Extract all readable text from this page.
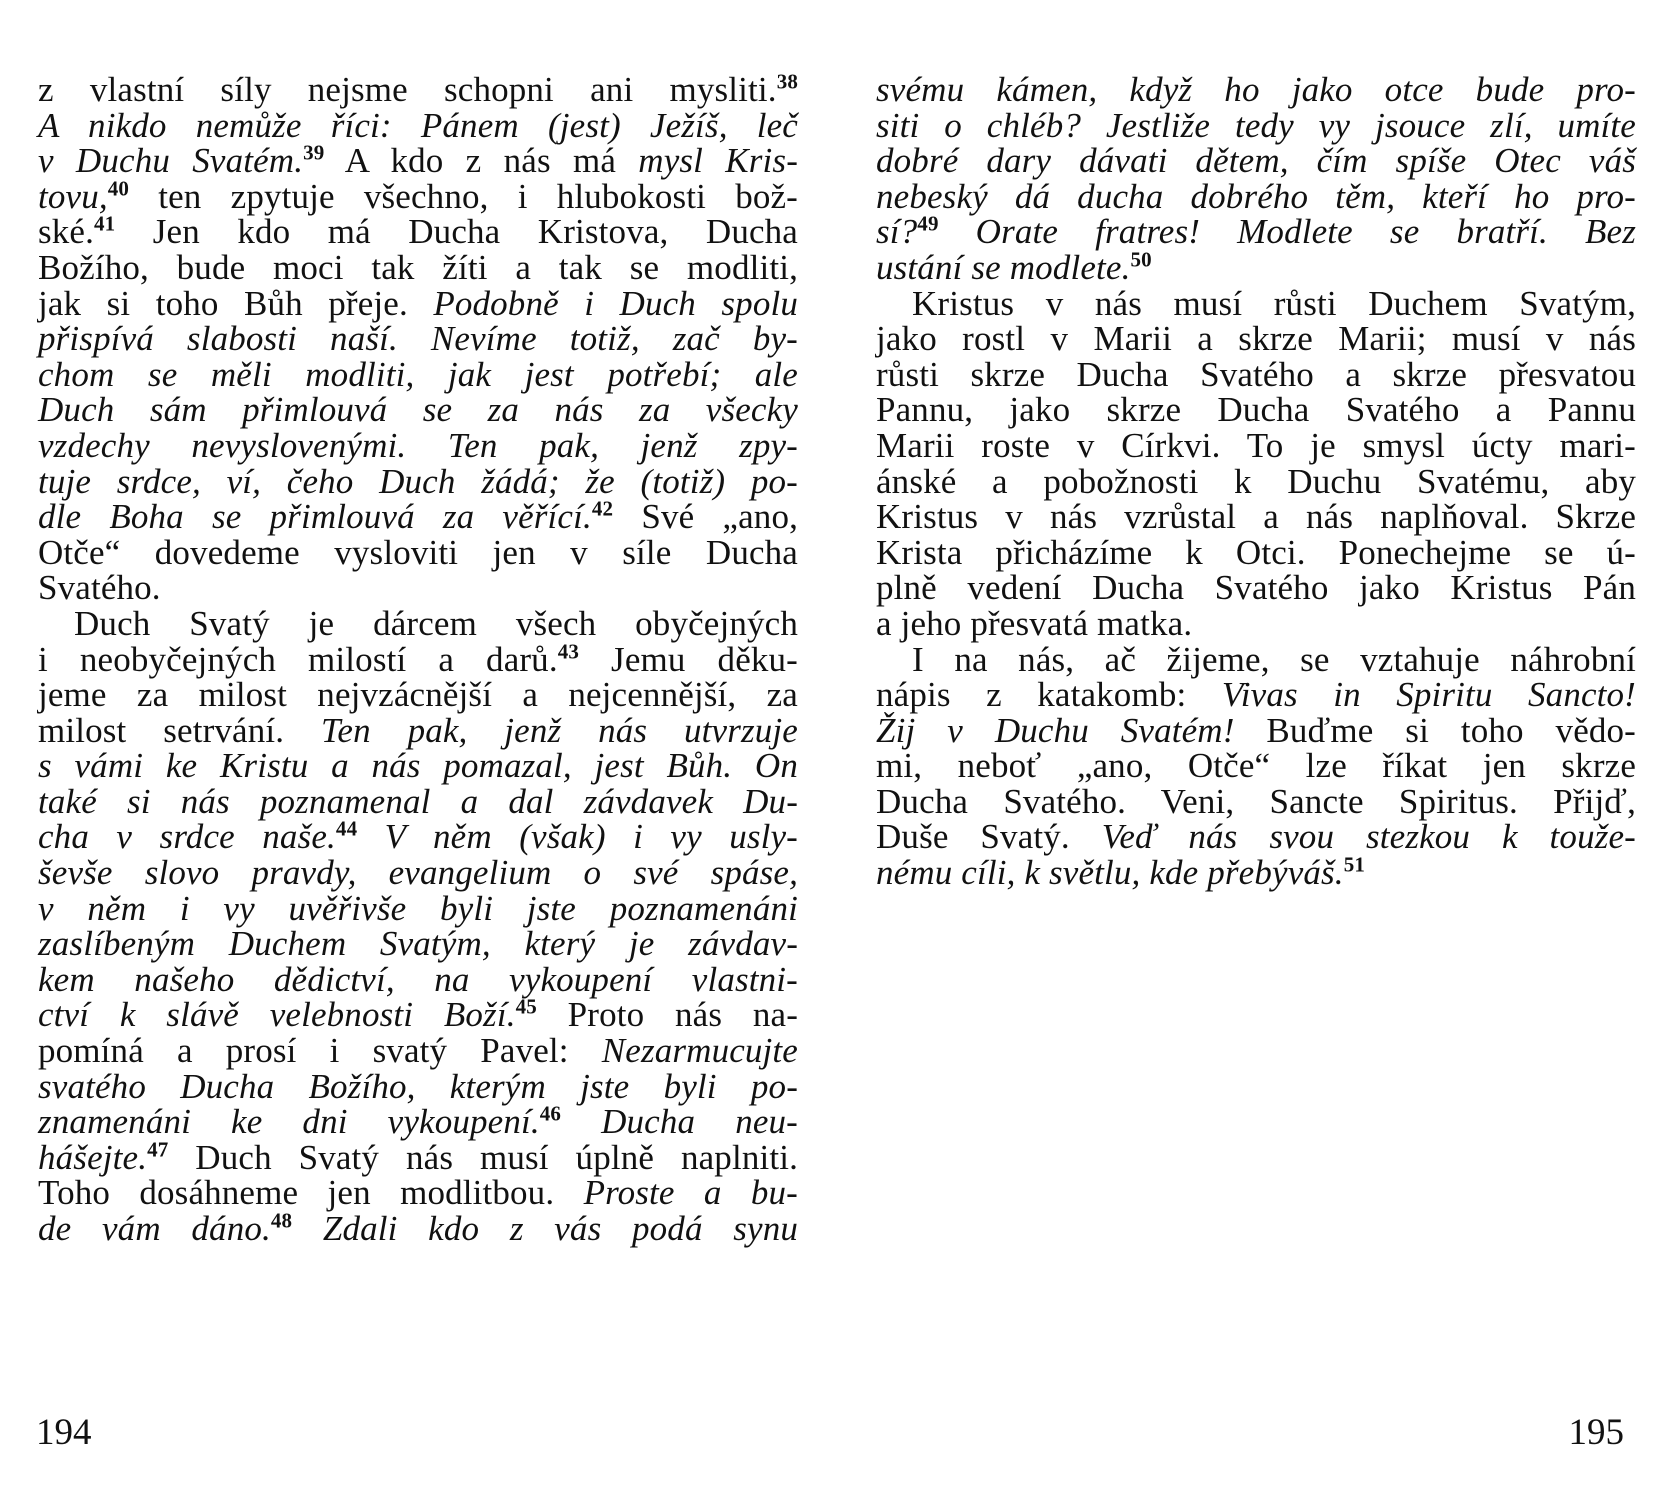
z vlastní síly nejsme schopni ani mysliti.$^{38}$
A nikdo nemůže říci: Pánem (jest) Ježíš, leč
v Duchu Svatém.$^{39}$ A kdo z nás má mysl Kris-
tovu,$^{40}$ ten zpytuje všechno, i hlubokosti bož-
ské.$^{41}$ Jen kdo má Ducha Kristova, Ducha
Božího, bude moci tak žíti a tak se modliti,
jak si toho Bůh přeje. Podobně i Duch spolu
přispívá slabosti naší. Nevíme totiž, zač by-
chom se měli modliti, jak jest potřebí; ale
Duch sám přimlouvá se za nás za všecky
vzdechy nevyslovenými. Ten pak, jenž zpy-
tuje srdce, ví, čeho Duch žádá; že (totiž) po-
dle Boha se přimlouvá za věřící.$^{42}$ Své „ano,
Otče“ dovedeme vysloviti jen v síle Ducha
Svatého.
Duch Svatý je dárcem všech obyčejných
i neobyčejných milostí a darů.$^{43}$ Jemu děku-
jeme za milost nejvzácnější a nejcennější, za
milost setrvání. Ten pak, jenž nás utvrzuje
s vámi ke Kristu a nás pomazal, jest Bůh. On
také si nás poznamenal a dal závdavek Du-
cha v srdce naše.$^{44}$ V něm (však) i vy usly-
ševše slovo pravdy, evangelium o své spáse,
v něm i vy uvěřivše byli jste poznamenáni
zaslíbeným Duchem Svatým, který je závdav-
kem našeho dědictví, na vykoupení vlastni-
ctví k slávě velebnosti Boží.$^{45}$ Proto nás na-
pomíná a prosí i svatý Pavel: Nezarmucujte
svatého Ducha Božího, kterým jste byli po-
znamenáni ke dni vykoupení.$^{46}$ Ducha neu-
hášejte.$^{47}$ Duch Svatý nás musí úplně naplniti.
Toho dosáhneme jen modlitbou. Proste a bu-
de vám dáno.$^{48}$ Zdali kdo z vás podá synu
svému kámen, když ho jako otce bude pro-
siti o chléb? Jestliže tedy vy jsouce zlí, umíte
dobré dary dávati dětem, čím spíše Otec váš
nebeský dá ducha dobrého těm, kteří ho pro-
sí?$^{49}$ Orate fratres! Modlete se bratří. Bez
ustání se modlete.$^{50}$
Kristus v nás musí růsti Duchem Svatým,
jako rostl v Marii a skrze Marii; musí v nás
růsti skrze Ducha Svatého a skrze přesvatou
Pannu, jako skrze Ducha Svatého a Pannu
Marii roste v Církvi. To je smysl úcty mari-
ánské a pobožnosti k Duchu Svatému, aby
Kristus v nás vzrůstal a nás naplňoval. Skrze
Krista přicházíme k Otci. Ponechejme se ú-
plně vedení Ducha Svatého jako Kristus Pán
a jeho přesvatá matka.
I na nás, ač žijeme, se vztahuje náhrobní
nápis z katakomb: Vivas in Spiritu Sancto!
Žij v Duchu Svatém! Buďme si toho vědo-
mi, neboť „ano, Otče“ lze říkat jen skrze
Ducha Svatého. Veni, Sancte Spiritus. Přijď,
Duše Svatý. Veď nás svou stezkou k touže-
nému cíli, k světlu, kde přebýváš.$^{51}$
194	195
